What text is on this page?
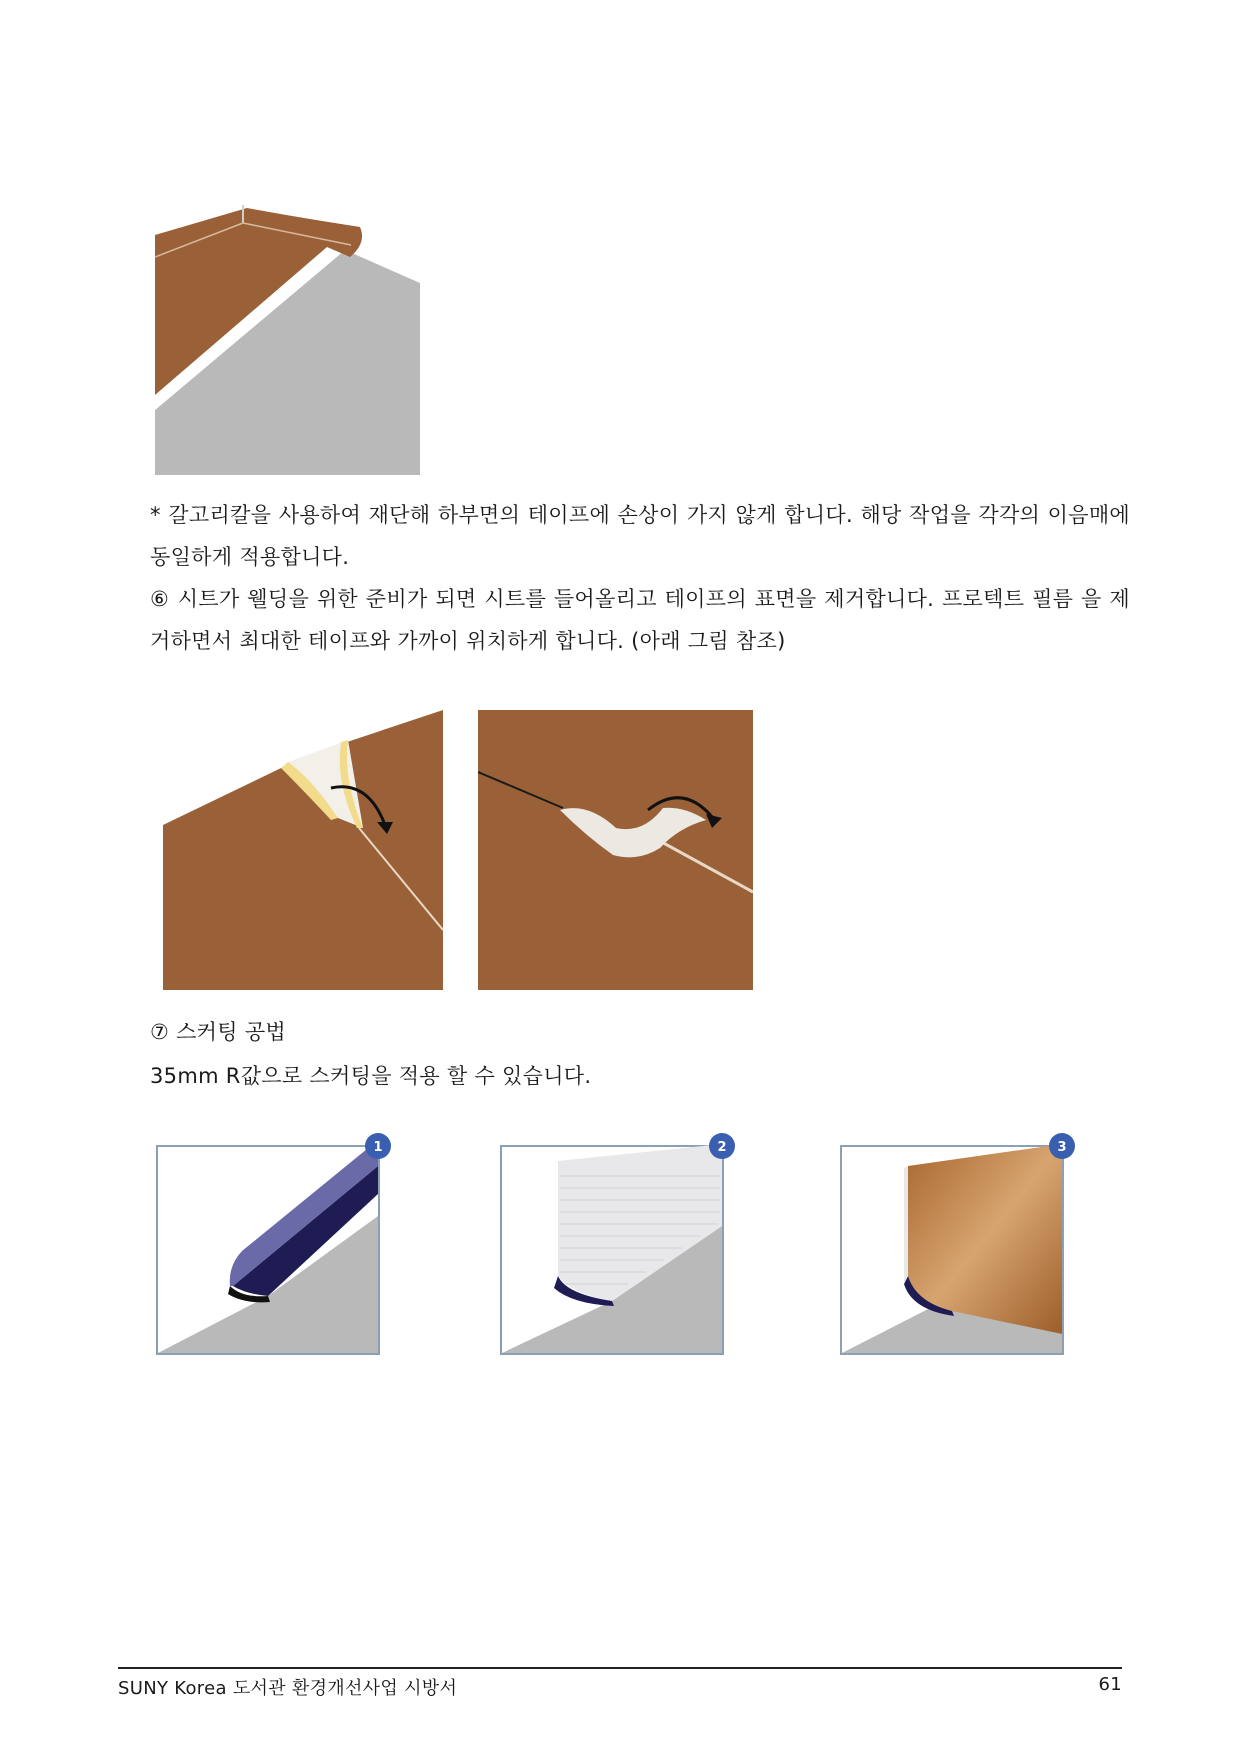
* 갈고리칼을 사용하여 재단해 하부면의 테이프에 손상이 가지 않게 합니다. 해당 작업을 각각의 이음매에
동일하게 적용합니다.
⑥ 시트가 웰딩을 위한 준비가 되면 시트를 들어올리고 테이프의 표면을 제거합니다. 프로텍트 필름 을 제
거하면서 최대한 테이프와 가까이 위치하게 합니다. (아래 그림 참조)
⑦ 스커팅 공법
35mm R값으로 스커팅을 적용 할 수 있습니다.
1	2	3
SUNY Korea 도서관 환경개선사업 시방서	61
